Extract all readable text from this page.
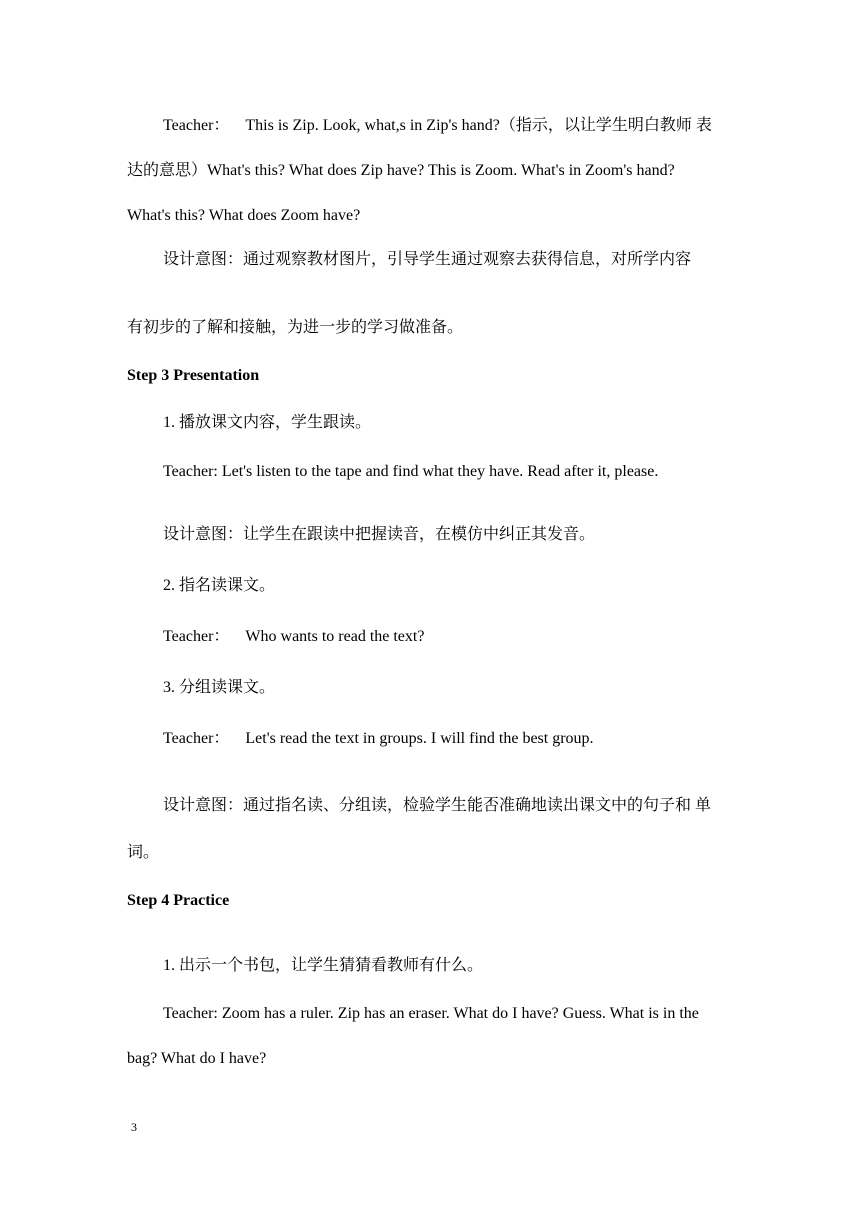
Teacher： This is Zip. Look, what,s in Zip's hand?（指示，以让学生明白教师 表
达的意思）What's this? What does Zip have? This is Zoom. What's in Zoom's hand?
What's this? What does Zoom have?
设计意图：通过观察教材图片，引导学生通过观察去获得信息，对所学内容
有初步的了解和接触，为进一步的学习做准备。
Step 3 Presentation
1. 播放课文内容，学生跟读。
Teacher: Let's listen to the tape and find what they have. Read after it, please.
设计意图：让学生在跟读中把握读音，在模仿中纠正其发音。
2. 指名读课文。
Teacher： Who wants to read the text?
3. 分组读课文。
Teacher： Let's read the text in groups. I will find the best group.
设计意图：通过指名读、分组读，检验学生能否准确地读出课文中的句子和 单
词。
Step 4 Practice
1. 出示一个书包，让学生猜猜看教师有什么。
Teacher: Zoom has a ruler. Zip has an eraser. What do I have? Guess. What is in the
bag? What do I have?
3
